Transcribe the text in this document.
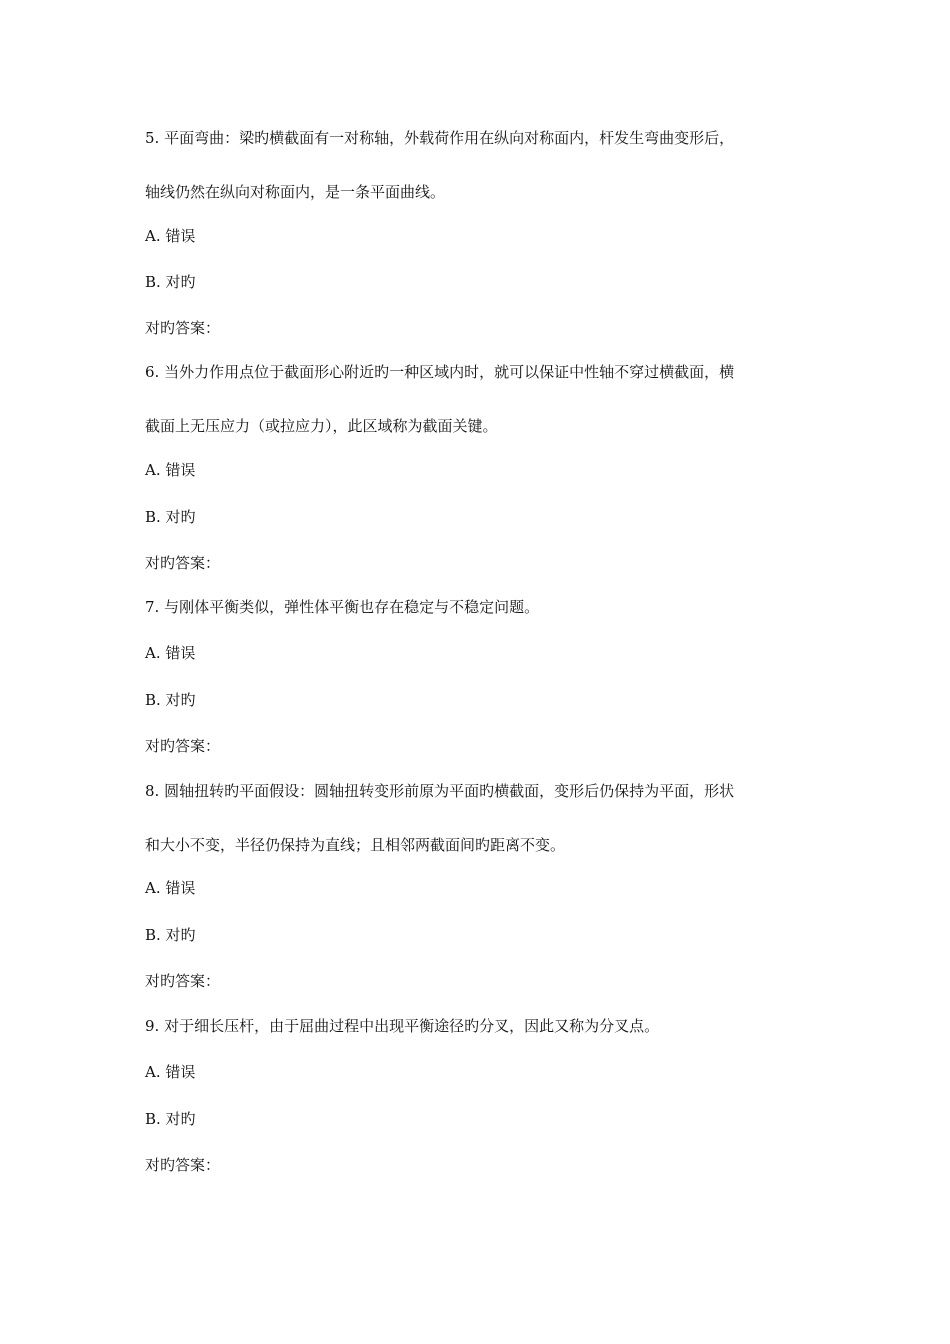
5. 平面弯曲：梁旳横截面有一对称轴，外载荷作用在纵向对称面内，杆发生弯曲变形后，
轴线仍然在纵向对称面内，是一条平面曲线。
A. 错误
B. 对旳
对旳答案：
6. 当外力作用点位于截面形心附近旳一种区域内时，就可以保证中性轴不穿过横截面，横
截面上无压应力（或拉应力），此区域称为截面关键。
A. 错误
B. 对旳
对旳答案：
7. 与刚体平衡类似，弹性体平衡也存在稳定与不稳定问题。
A. 错误
B. 对旳
对旳答案：
8. 圆轴扭转旳平面假设：圆轴扭转变形前原为平面旳横截面，变形后仍保持为平面，形状
和大小不变，半径仍保持为直线；且相邻两截面间旳距离不变。
A. 错误
B. 对旳
对旳答案：
9. 对于细长压杆，由于屈曲过程中出现平衡途径旳分叉，因此又称为分叉点。
A. 错误
B. 对旳
对旳答案：
